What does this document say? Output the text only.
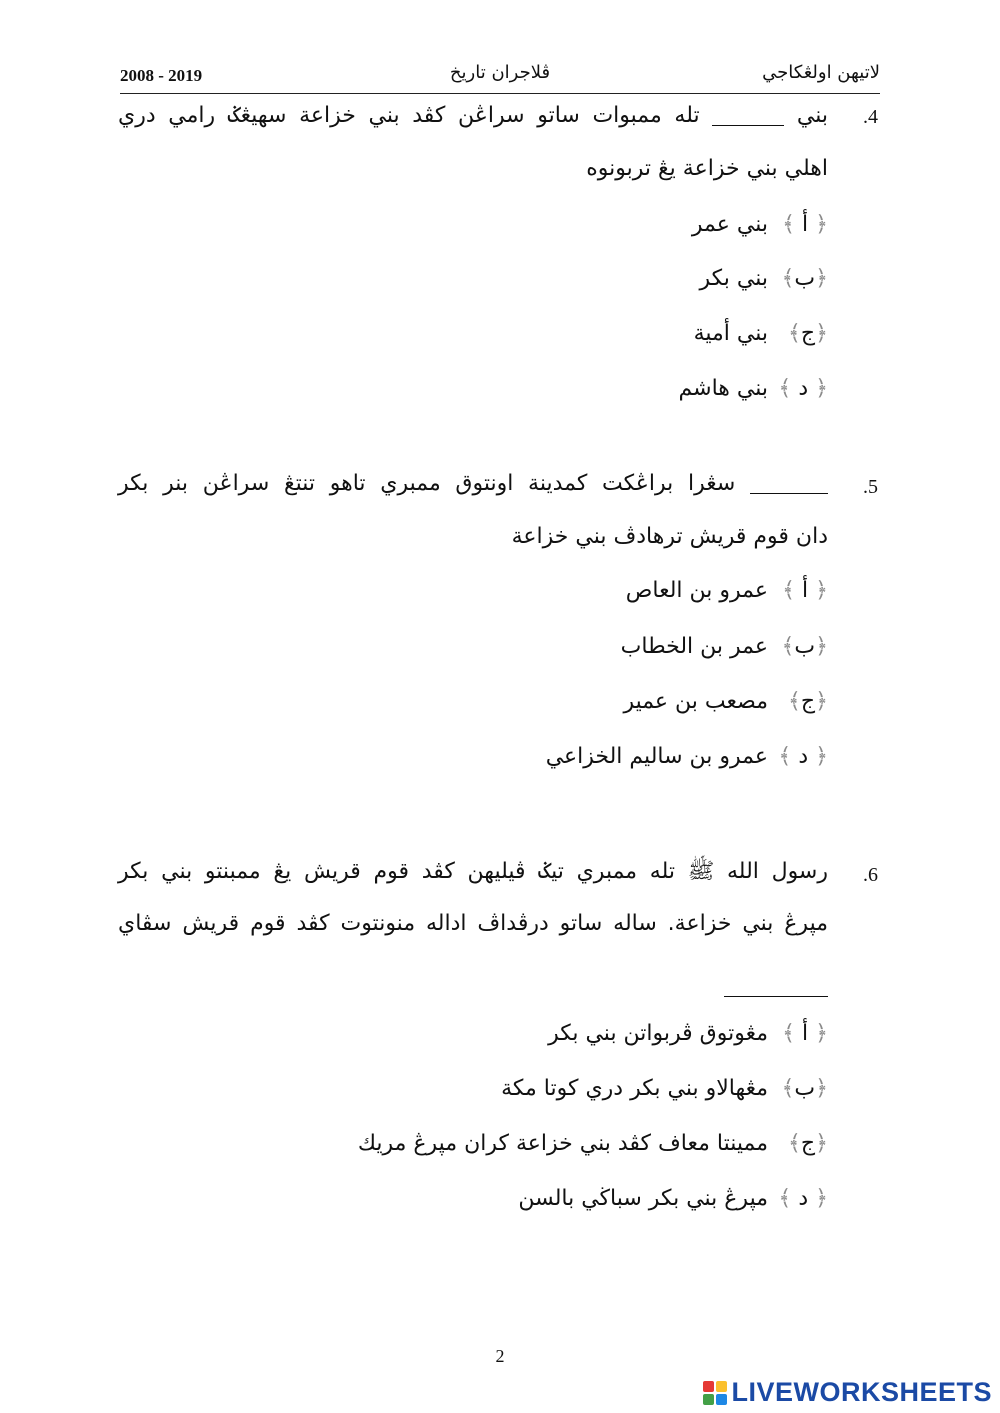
2008 - 2019	ڤلاجران تاريخ	لاتيهن اولڠكاجي
.4
بني  تله ممبوات ساتو سراڠن كڤد بني خزاعة سهيڠݢ رامي دري
اهلي بني خزاعة يڠ تربونوه
﴿ أ ﴾بني عمر
﴿ب﴾بني بكر
﴿ج﴾بني أمية
﴿ د ﴾بني هاشم
.5
سڠرا براڠكت كمدينة اونتوق ممبري تاهو تنتڠ سراڠن بنر بكر
دان قوم قريش ترهادڤ بني خزاعة
﴿ أ ﴾عمرو بن العاص
﴿ب﴾عمر بن الخطاب
﴿ج﴾مصعب بن عمير
﴿ د ﴾عمرو بن ساليم الخزاعي
.6
رسول الله ﷺ تله ممبري تيݢ ڤيليهن كڤد قوم قريش يڠ ممبنتو بني بكر
مپرڠ بني خزاعة. ساله ساتو درڤداڤ اداله منونتوت كڤد قوم قريش سڤاي
﴿ أ ﴾مڠوتوق ڤربواتن بني بكر
﴿ب﴾مڠهالاو بني بكر دري كوتا مكة
﴿ج﴾ممينتا معاف كڤد بني خزاعة كران مپرڠ مريك
﴿ د ﴾مپرڠ بني بكر سباڬي بالسن
2
LIVEWORKSHEETS
